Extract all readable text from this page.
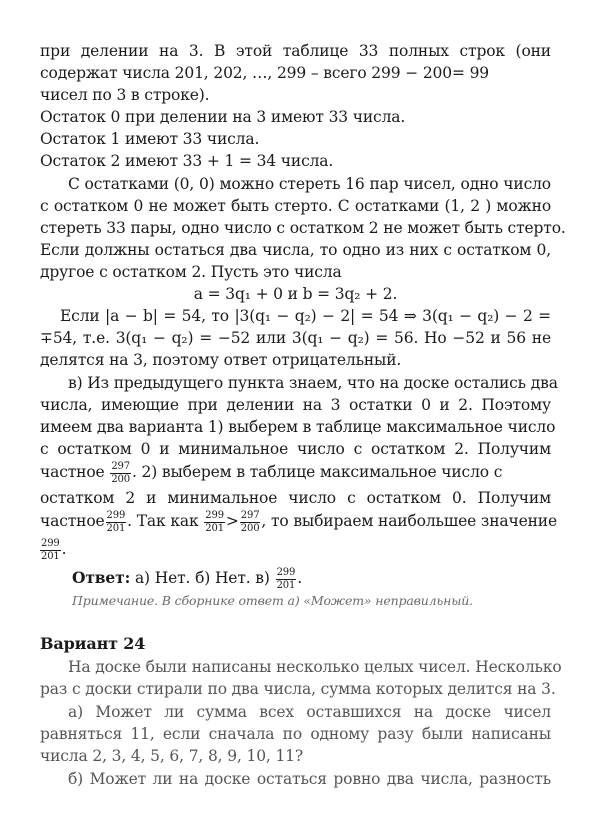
при делении на 3. В этой таблице 33 полных строк (они
содержат числа 201, 202, …, 299 – всего 299 − 200= 99
чисел по 3 в строке).
Остаток 0 при делении на 3 имеют 33 числа.
Остаток 1 имеют 33 числа.
Остаток 2 имеют 33 + 1 = 34 числа.
С остатками (0, 0) можно стереть 16 пар чисел, одно число
с остатком 0 не может быть стерто. С остатками (1, 2 ) можно
стереть 33 пары, одно число с остатком 2 не может быть стерто.
Если должны остаться два числа, то одно из них с остатком 0,
другое с остатком 2. Пусть это числа
a = 3q₁ + 0 и b = 3q₂ + 2.
Если |a − b| = 54, то |3(q₁ − q₂) − 2| = 54 ⇒ 3(q₁ − q₂) − 2 =
∓54, т.е. 3(q₁ − q₂) = −52 или 3(q₁ − q₂) = 56. Но −52 и 56 не
делятся на 3, поэтому ответ отрицательный.
в) Из предыдущего пункта знаем, что на доске остались два
числа, имеющие при делении на 3 остатки 0 и 2. Поэтому
имеем два варианта 1) выберем в таблице максимальное число
с остатком 0 и минимальное число с остатком 2. Получим
частное $\frac{297}{200}$ . 2) выберем в таблице максимальное число с
остатком 2 и минимальное число с остатком 0. Получим
частное $\frac{299}{201}$ . Так как $\frac{299}{201} > \frac{297}{200}$ , то выбираем наибольшее значение
$\frac{299}{201}$ .
Ответ: а) Нет. б) Нет. $в) \frac{299}{201}$ .
Примечание. В сборнике ответ а) «Может» неправильный.
Вариант 24
На доске были написаны несколько целых чисел. Несколько
раз с доски стирали по два числа, сумма которых делится на 3.
а) Может ли сумма всех оставшихся на доске чисел
равняться 11, если сначала по одному разу были написаны
числа 2, 3, 4, 5, 6, 7, 8, 9, 10, 11?
б) Может ли на доске остаться ровно два числа, разность
